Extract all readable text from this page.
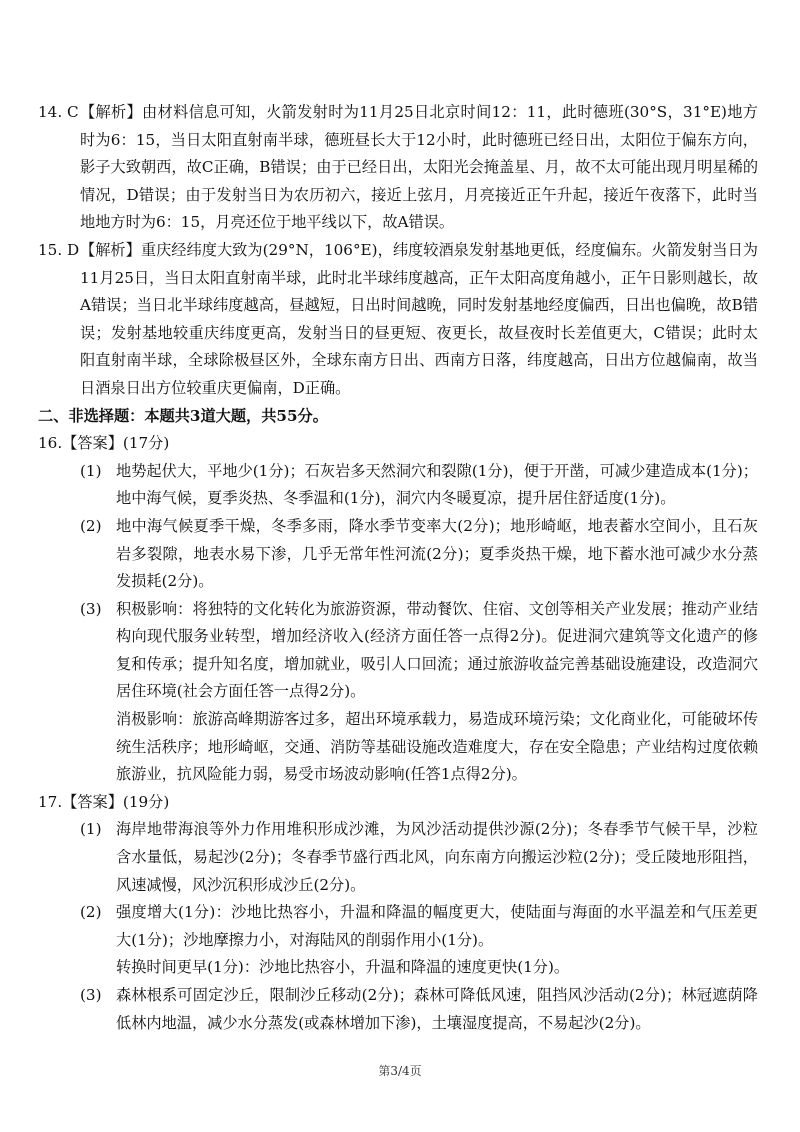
14. C 【解析】由材料信息可知，火箭发射时为11月25日北京时间12：11，此时德班(30°S，31°E)地方时为6：15，当日太阳直射南半球，德班昼长大于12小时，此时德班已经日出，太阳位于偏东方向，影子大致朝西，故C正确，B错误；由于已经日出，太阳光会掩盖星、月，故不太可能出现月明星稀的情况，D错误；由于发射当日为农历初六，接近上弦月，月亮接近正午升起，接近午夜落下，此时当地地方时为6：15，月亮还位于地平线以下，故A错误。
15. D 【解析】重庆经纬度大致为(29°N，106°E)，纬度较酒泉发射基地更低，经度偏东。火箭发射当日为11月25日，当日太阳直射南半球，此时北半球纬度越高，正午太阳高度角越小，正午日影则越长，故A错误；当日北半球纬度越高，昼越短，日出时间越晚，同时发射基地经度偏西，日出也偏晚，故B错误；发射基地较重庆纬度更高，发射当日的昼更短、夜更长，故昼夜时长差值更大，C错误；此时太阳直射南半球，全球除极昼区外，全球东南方日出、西南方日落，纬度越高，日出方位越偏南，故当日酒泉日出方位较重庆更偏南，D正确。
二、非选择题：本题共3道大题，共55分。
16.【答案】(17分)
(1) 地势起伏大，平地少(1分)；石灰岩多天然洞穴和裂隙(1分)，便于开凿，可减少建造成本(1分)；地中海气候，夏季炎热、冬季温和(1分)，洞穴内冬暖夏凉，提升居住舒适度(1分)。
(2) 地中海气候夏季干燥，冬季多雨，降水季节变率大(2分)；地形崎岖，地表蓄水空间小，且石灰岩多裂隙，地表水易下渗，几乎无常年性河流(2分)；夏季炎热干燥，地下蓄水池可减少水分蒸发损耗(2分)。
(3) 积极影响：将独特的文化转化为旅游资源，带动餐饮、住宿、文创等相关产业发展；推动产业结构向现代服务业转型，增加经济收入(经济方面任答一点得2分)。促进洞穴建筑等文化遗产的修复和传承；提升知名度，增加就业，吸引人口回流；通过旅游收益完善基础设施建设，改造洞穴居住环境(社会方面任答一点得2分)。
消极影响：旅游高峰期游客过多，超出环境承载力，易造成环境污染；文化商业化，可能破坏传统生活秩序；地形崎岖，交通、消防等基础设施改造难度大，存在安全隐患；产业结构过度依赖旅游业，抗风险能力弱，易受市场波动影响(任答1点得2分)。
17.【答案】(19分)
(1) 海岸地带海浪等外力作用堆积形成沙滩，为风沙活动提供沙源(2分)；冬春季节气候干旱，沙粒含水量低，易起沙(2分)；冬春季节盛行西北风，向东南方向搬运沙粒(2分)；受丘陵地形阻挡，风速减慢，风沙沉积形成沙丘(2分)。
(2) 强度增大(1分)：沙地比热容小，升温和降温的幅度更大，使陆面与海面的水平温差和气压差更大(1分)；沙地摩擦力小，对海陆风的削弱作用小(1分)。
转换时间更早(1分)：沙地比热容小，升温和降温的速度更快(1分)。
(3) 森林根系可固定沙丘，限制沙丘移动(2分)；森林可降低风速，阻挡风沙活动(2分)；林冠遮荫降低林内地温，减少水分蒸发(或森林增加下渗)，土壤湿度提高，不易起沙(2分)。
第3/4页
